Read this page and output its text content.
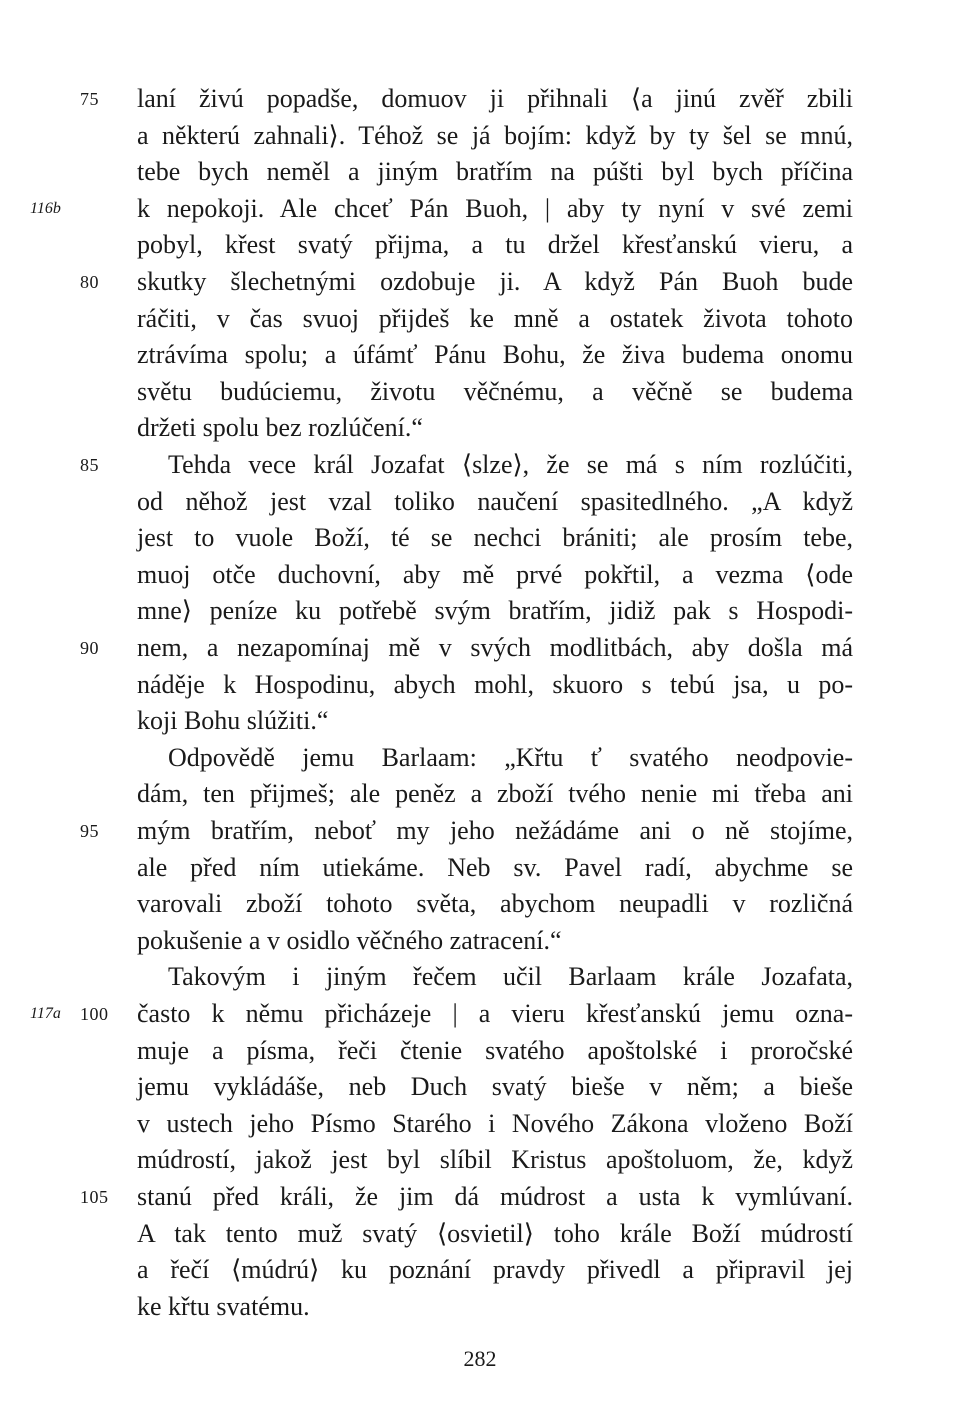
75	laní živú popadše, domuov ji přihnali ⟨a jinú zvěř zbili
a některú zahnali⟩. Téhož se já bojím: když by ty šel se mnú,
tebe bych neměl a jiným bratřím na púšti byl bych příčina
116b	k nepokoji. Ale chceť Pán Buoh, | aby ty nyní v své zemi
pobyl, křest svatý přijma, a tu držel křesťanskú vieru, a
80	skutky šlechetnými ozdobuje ji. A když Pán Buoh bude
ráčiti, v čas svuoj přijdeš ke mně a ostatek života tohoto
ztrávíma spolu; a úfámť Pánu Bohu, že živa budema onomu
světu budúciemu, životu věčnému, a věčně se budema
držeti spolu bez rozlúčení.“
85	Tehda vece král Jozafat ⟨slze⟩, že se má s ním rozlúčiti,
od něhož jest vzal toliko naučení spasitedlného. „A když
jest to vuole Boží, té se nechci brániti; ale prosím tebe,
muoj otče duchovní, aby mě prvé pokřtil, a vezma ⟨ode
mne⟩ peníze ku potřebě svým bratřím, jidiž pak s Hospodi-
90	nem, a nezapomínaj mě v svých modlitbách, aby došla má
náděje k Hospodinu, abych mohl, skuoro s tebú jsa, u po-
koji Bohu slúžiti.“
Odpovědě jemu Barlaam: „Křtu ť svatého neodpovie-
dám, ten přijmeš; ale peněz a zboží tvého nenie mi třeba ani
95	mým bratřím, neboť my jeho nežádáme ani o ně stojíme,
ale před ním utiekáme. Neb sv. Pavel radí, abychme se
varovali zboží tohoto světa, abychom neupadli v rozličná
pokušenie a v osidlo věčného zatracení.“
Takovým i jiným řečem učil Barlaam krále Jozafata,
117a 100	často k němu přicházeje | a vieru křesťanskú jemu ozna-
muje a písma, řeči čtenie svatého apoštolské i proročské
jemu vykládáše, neb Duch svatý bieše v něm; a bieše
v ustech jeho Písmo Starého i Nového Zákona vloženo Boží
múdrostí, jakož jest byl slíbil Kristus apoštoluom, že, když
105	stanú před králi, že jim dá múdrost a usta k vymlúvaní.
A tak tento muž svatý ⟨osvietil⟩ toho krále Boží múdrostí
a řečí ⟨múdrú⟩ ku poznání pravdy přivedl a připravil jej
ke křtu svatému.
282
